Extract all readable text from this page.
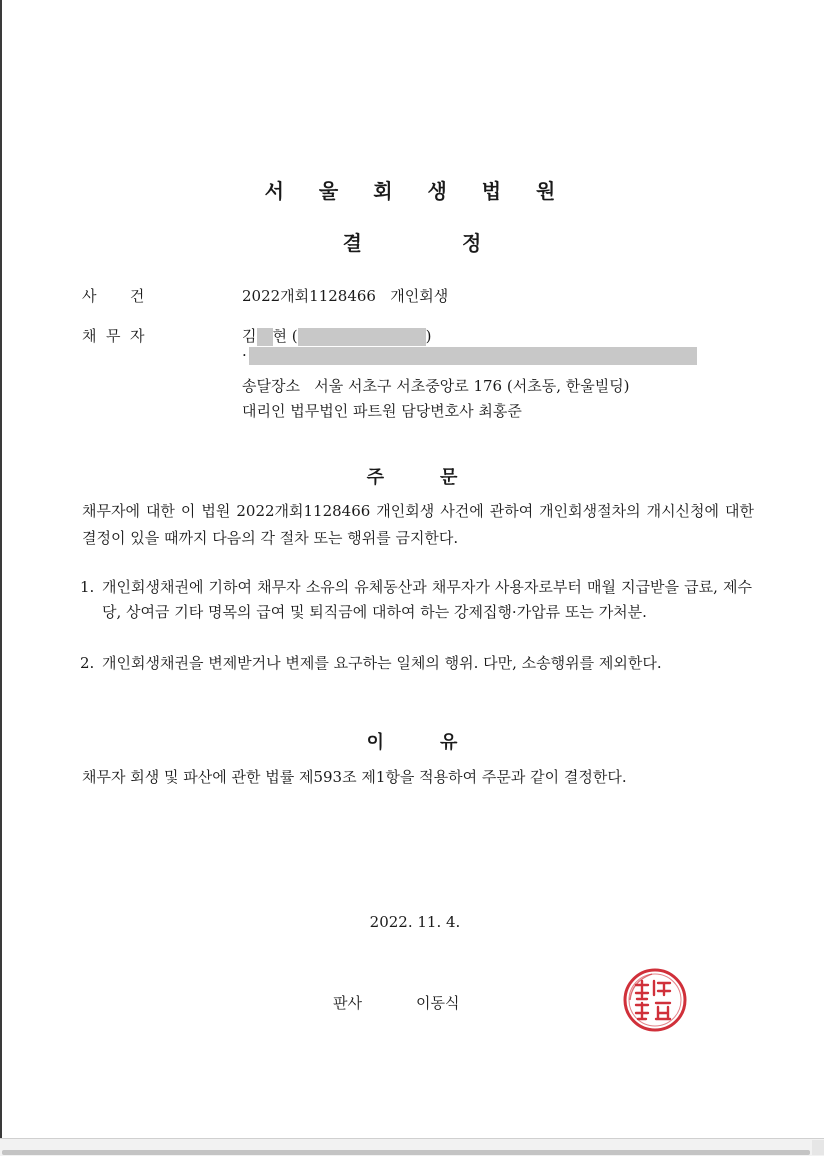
서 울 회 생 법 원
결	정
사       건	2022개회1128466   개인회생
채  무  자	김 현 (	)
·
송달장소   서울 서초구 서초중앙로 176 (서초동, 한울빌딩)
대리인 법무법인 파트원 담당변호사 최홍준
주	문
채무자에 대한 이 법원 2022개회1128466 개인회생 사건에 관하여 개인회생절차의 개시신청에 대한 결정이 있을 때까지 다음의 각 절차 또는 행위를 금지한다.
1. 개인회생채권에 기하여 채무자 소유의 유체동산과 채무자가 사용자로부터 매월 지급받을 급료, 제수당, 상여금 기타 명목의 급여 및 퇴직금에 대하여 하는 강제집행·가압류 또는 가처분.
2. 개인회생채권을 변제받거나 변제를 요구하는 일체의 행위. 다만, 소송행위를 제외한다.
이	유
채무자 회생 및 파산에 관한 법률 제593조 제1항을 적용하여 주문과 같이 결정한다.
2022. 11. 4.
판사	이동식
